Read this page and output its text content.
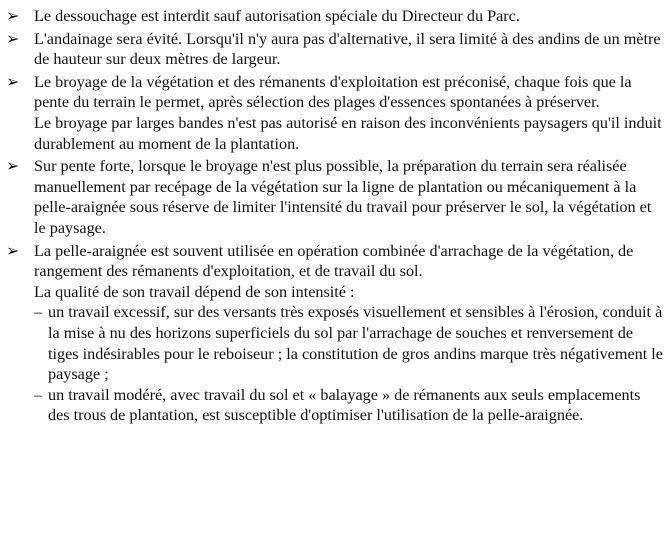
➢ Le dessouchage est interdit sauf autorisation spéciale du Directeur du Parc.

➢ L'andainage sera évité. Lorsqu'il n'y aura pas d'alternative, il sera limité à des andins de un mètre de hauteur sur deux mètres de largeur.

➢ Le broyage de la végétation et des rémanents d'exploitation est préconisé, chaque fois que la pente du terrain le permet, après sélection des plages d'essences spontanées à préserver.

Le broyage par larges bandes n'est pas autorisé en raison des inconvénients paysagers qu'il induit durablement au moment de la plantation.

➢ Sur pente forte, lorsque le broyage n'est plus possible, la préparation du terrain sera réalisée manuellement par recépage de la végétation sur la ligne de plantation ou mécaniquement à la pelle-araignée sous réserve de limiter l'intensité du travail pour préserver le sol, la végétation et le paysage.

➢ La pelle-araignée est souvent utilisée en opération combinée d'arrachage de la végétation, de rangement des rémanents d'exploitation, et de travail du sol.

La qualité de son travail dépend de son intensité :

– un travail excessif, sur des versants très exposés visuellement et sensibles à l'érosion, conduit à la mise à nu des horizons superficiels du sol par l'arrachage de souches et renversement de tiges indésirables pour le reboiseur ; la constitution de gros andins marque très négativement le paysage ;

– un travail modéré, avec travail du sol et « balayage » de rémanents aux seuls emplacements des trous de plantation, est susceptible d'optimiser l'utilisation de la pelle-araignée.
